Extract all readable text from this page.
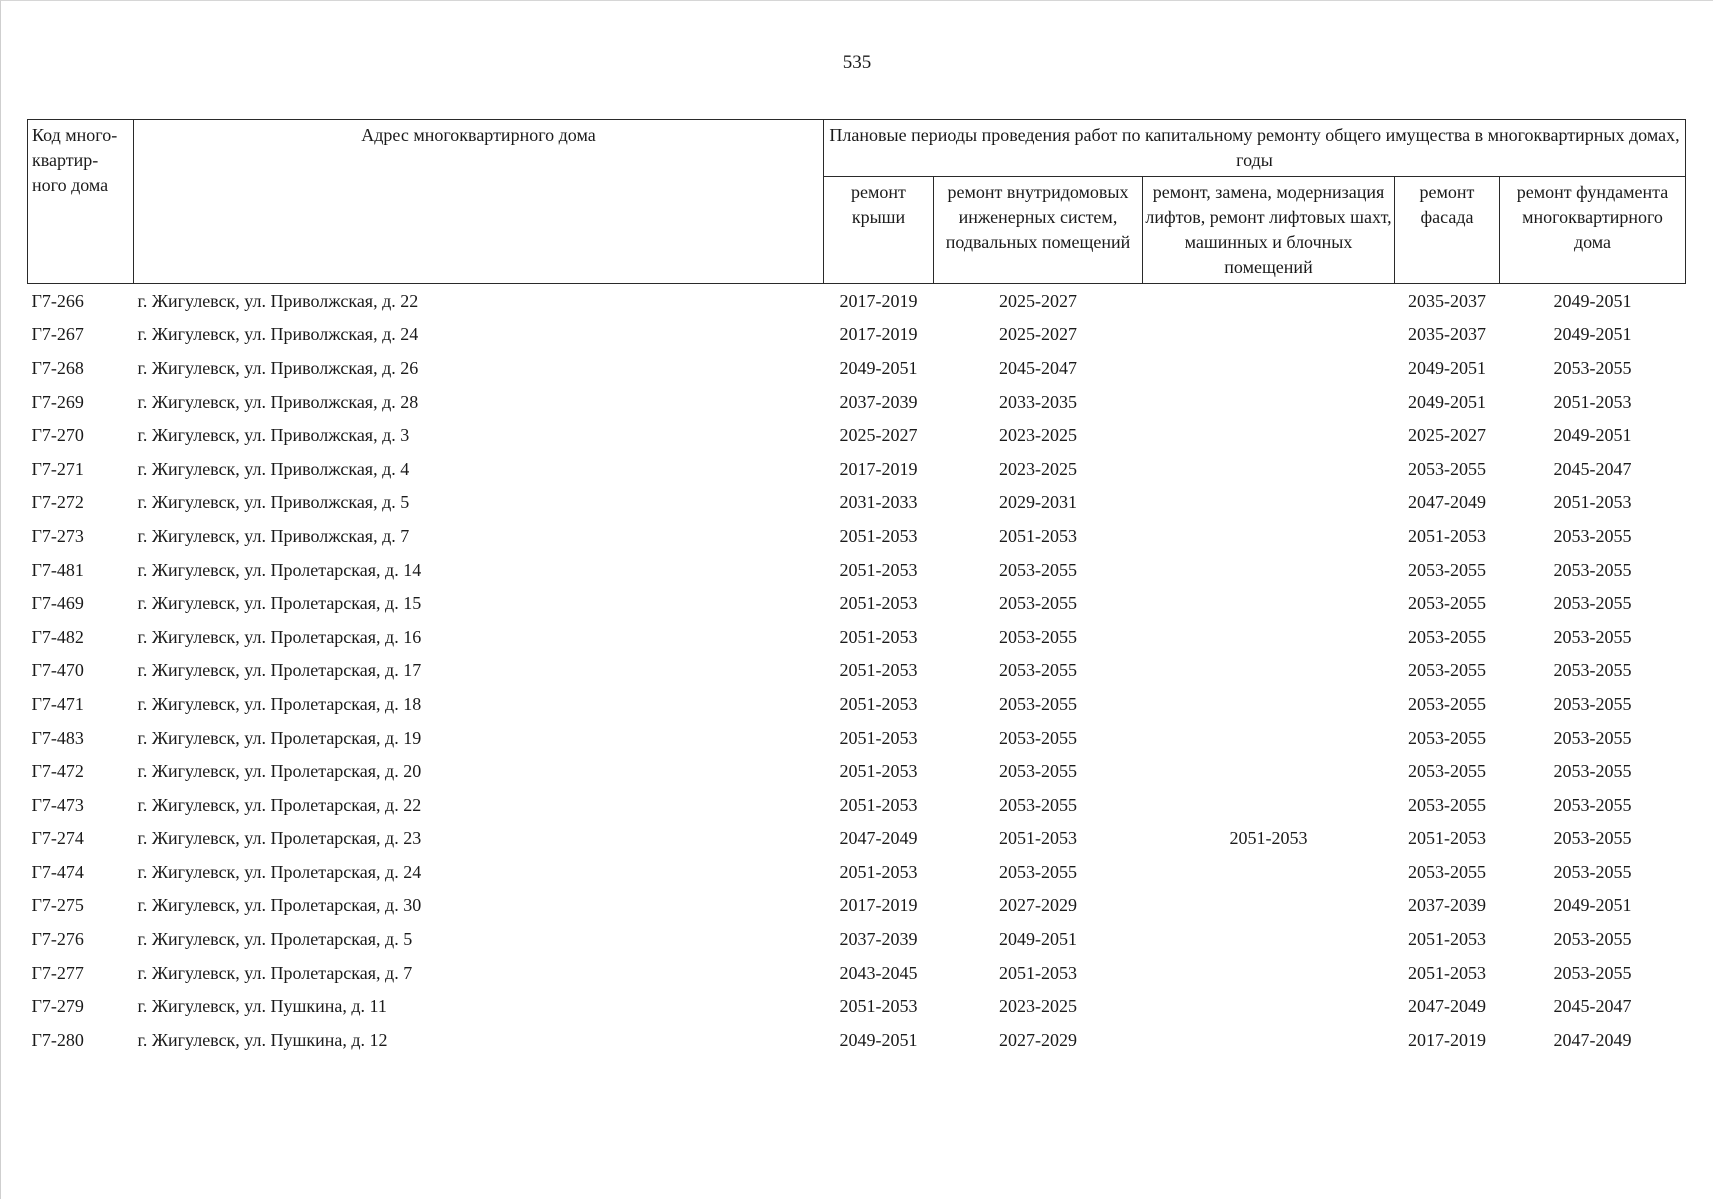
535
Код много-
квартир-
ного дома	Адрес многоквартирного дома	Плановые периоды проведения работ по капитальному ремонту общего имущества в многоквартирных домах, годы				
		ремонт крыши	ремонт внутридомовых инженерных систем, подвальных помещений	ремонт, замена, модернизация лифтов, ремонт лифтовых шахт, машинных и блочных помещений	ремонт фасада	ремонт фундамента многоквартирного дома
Г7-266	г. Жигулевск, ул. Приволжская, д. 22	2017-2019	2025-2027		2035-2037	2049-2051
Г7-267	г. Жигулевск, ул. Приволжская, д. 24	2017-2019	2025-2027		2035-2037	2049-2051
Г7-268	г. Жигулевск, ул. Приволжская, д. 26	2049-2051	2045-2047		2049-2051	2053-2055
Г7-269	г. Жигулевск, ул. Приволжская, д. 28	2037-2039	2033-2035		2049-2051	2051-2053
Г7-270	г. Жигулевск, ул. Приволжская, д. 3	2025-2027	2023-2025		2025-2027	2049-2051
Г7-271	г. Жигулевск, ул. Приволжская, д. 4	2017-2019	2023-2025		2053-2055	2045-2047
Г7-272	г. Жигулевск, ул. Приволжская, д. 5	2031-2033	2029-2031		2047-2049	2051-2053
Г7-273	г. Жигулевск, ул. Приволжская, д. 7	2051-2053	2051-2053		2051-2053	2053-2055
Г7-481	г. Жигулевск, ул. Пролетарская, д. 14	2051-2053	2053-2055		2053-2055	2053-2055
Г7-469	г. Жигулевск, ул. Пролетарская, д. 15	2051-2053	2053-2055		2053-2055	2053-2055
Г7-482	г. Жигулевск, ул. Пролетарская, д. 16	2051-2053	2053-2055		2053-2055	2053-2055
Г7-470	г. Жигулевск, ул. Пролетарская, д. 17	2051-2053	2053-2055		2053-2055	2053-2055
Г7-471	г. Жигулевск, ул. Пролетарская, д. 18	2051-2053	2053-2055		2053-2055	2053-2055
Г7-483	г. Жигулевск, ул. Пролетарская, д. 19	2051-2053	2053-2055		2053-2055	2053-2055
Г7-472	г. Жигулевск, ул. Пролетарская, д. 20	2051-2053	2053-2055		2053-2055	2053-2055
Г7-473	г. Жигулевск, ул. Пролетарская, д. 22	2051-2053	2053-2055		2053-2055	2053-2055
Г7-274	г. Жигулевск, ул. Пролетарская, д. 23	2047-2049	2051-2053	2051-2053	2051-2053	2053-2055
Г7-474	г. Жигулевск, ул. Пролетарская, д. 24	2051-2053	2053-2055		2053-2055	2053-2055
Г7-275	г. Жигулевск, ул. Пролетарская, д. 30	2017-2019	2027-2029		2037-2039	2049-2051
Г7-276	г. Жигулевск, ул. Пролетарская, д. 5	2037-2039	2049-2051		2051-2053	2053-2055
Г7-277	г. Жигулевск, ул. Пролетарская, д. 7	2043-2045	2051-2053		2051-2053	2053-2055
Г7-279	г. Жигулевск, ул. Пушкина, д. 11	2051-2053	2023-2025		2047-2049	2045-2047
Г7-280	г. Жигулевск, ул. Пушкина, д. 12	2049-2051	2027-2029		2017-2019	2047-2049
